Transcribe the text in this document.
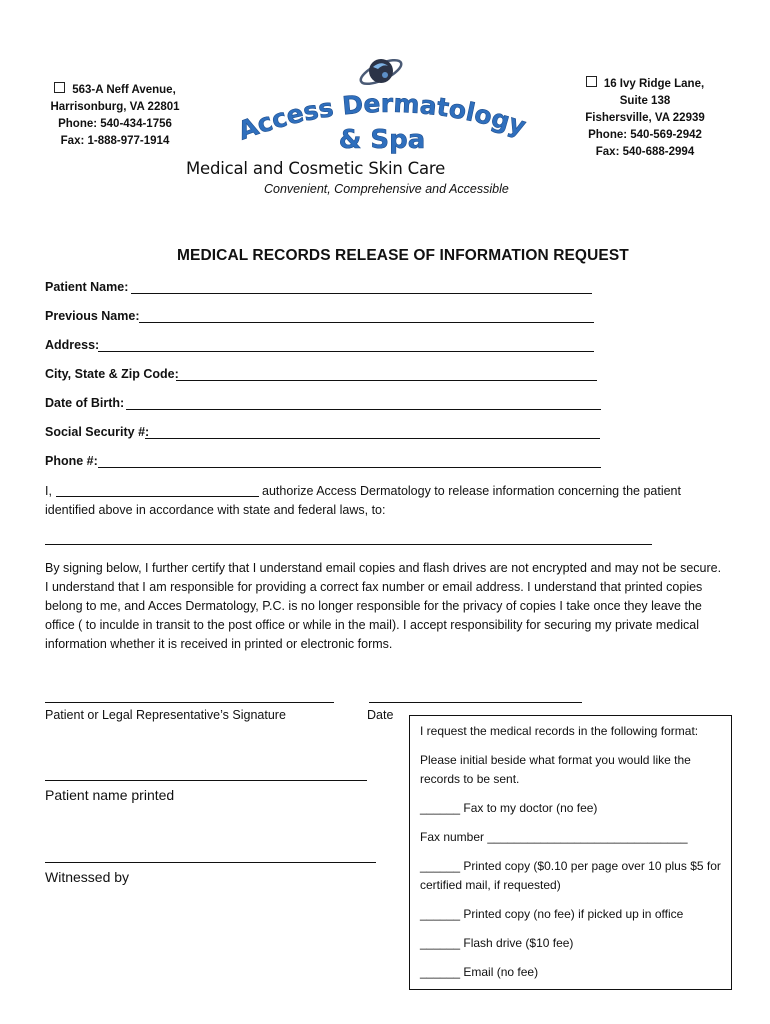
563-A Neff Avenue,
Harrisonburg, VA 22801
Phone: 540-434-1756
Fax: 1-888-977-1914	Access Dermatology
& Spa
Medical and Cosmetic Skin Care
Convenient, Comprehensive and Accessible
16 Ivy Ridge Lane,
Suite 138
Fishersville, VA 22939
Phone: 540-569-2942
Fax: 540-688-2994
MEDICAL RECORDS RELEASE OF INFORMATION REQUEST
Patient Name:
Previous Name:
Address:
City, State & Zip Code:
Date of Birth:
Social Security #:
Phone #:
I,	authorize Access Dermatology to release information concerning the patient
identified above in accordance with state and federal laws, to:
By signing below, I further certify that I understand email copies and flash drives are not encrypted and may not be secure. I understand that I am responsible for providing a correct fax number or email address. I understand that printed copies belong to me, and Acces Dermatology, P.C. is no longer responsible for the privacy of copies I take once they leave the office ( to inculde in transit to the post office or while in the mail). I accept responsibility for securing my private medical information whether it is received in printed or electronic forms.
Patient or Legal Representative’s Signature	Date
Patient name printed
Witnessed by
I request the medical records in the following format:
Please initial beside what format you would like the records to be sent.
______ Fax to my doctor (no fee)
Fax number ______________________________
______ Printed copy ($0.10 per page over 10 plus $5 for certified mail, if requested)
______ Printed copy (no fee) if picked up in office
______ Flash drive ($10 fee)
______ Email (no fee)
